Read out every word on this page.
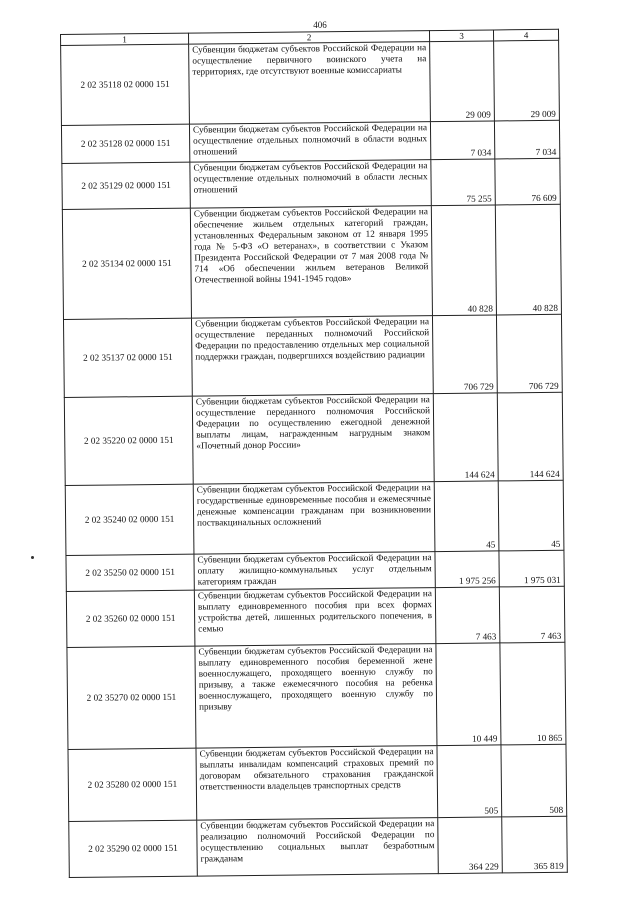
406
1	2	3	4
2 02 35118 02 0000 151	Субвенции бюджетам субъектов Российской Федерации на осуществление первичного воинского учета на территориях, где отсутствуют военные комиссариаты	29 009	29 009
2 02 35128 02 0000 151	Субвенции бюджетам субъектов Российской Федерации на осуществление отдельных полномочий в области водных отношений	7 034	7 034
2 02 35129 02 0000 151	Субвенции бюджетам субъектов Российской Федерации на осуществление отдельных полномочий в области лесных отношений	75 255	76 609
2 02 35134 02 0000 151	Субвенции бюджетам субъектов Российской Федерации на обеспечение жильем отдельных категорий граждан, установленных Федеральным законом от 12 января 1995 года № 5-ФЗ «О ветеранах», в соответствии с Указом Президента Российской Федерации от 7 мая 2008 года № 714 «Об обеспечении жильем ветеранов Великой Отечественной войны 1941-1945 годов»	40 828	40 828
2 02 35137 02 0000 151	Субвенции бюджетам субъектов Российской Федерации на осуществление переданных полномочий Российской Федерации по предоставлению отдельных мер социальной поддержки граждан, подвергшихся воздействию радиации	706 729	706 729
2 02 35220 02 0000 151	Субвенции бюджетам субъектов Российской Федерации на осуществление переданного полномочия Российской Федерации по осуществлению ежегодной денежной выплаты лицам, награжденным нагрудным знаком «Почетный донор России»	144 624	144 624
2 02 35240 02 0000 151	Субвенции бюджетам субъектов Российской Федерации на государственные единовременные пособия и ежемесячные денежные компенсации гражданам при возникновении поствакцинальных осложнений	45	45
2 02 35250 02 0000 151	Субвенции бюджетам субъектов Российской Федерации на оплату жилищно-коммунальных услуг отдельным категориям граждан	1 975 256	1 975 031
2 02 35260 02 0000 151	Субвенции бюджетам субъектов Российской Федерации на выплату единовременного пособия при всех формах устройства детей, лишенных родительского попечения, в семью	7 463	7 463
2 02 35270 02 0000 151	Субвенции бюджетам субъектов Российской Федерации на выплату единовременного пособия беременной жене военнослужащего, проходящего военную службу по призыву, а также ежемесячного пособия на ребенка военнослужащего, проходящего военную службу по призыву	10 449	10 865
2 02 35280 02 0000 151	Субвенции бюджетам субъектов Российской Федерации на выплаты инвалидам компенсаций страховых премий по договорам обязательного страхования гражданской ответственности владельцев транспортных средств	505	508
2 02 35290 02 0000 151	Субвенции бюджетам субъектов Российской Федерации на реализацию полномочий Российской Федерации по осуществлению социальных выплат безработным гражданам	364 229	365 819
